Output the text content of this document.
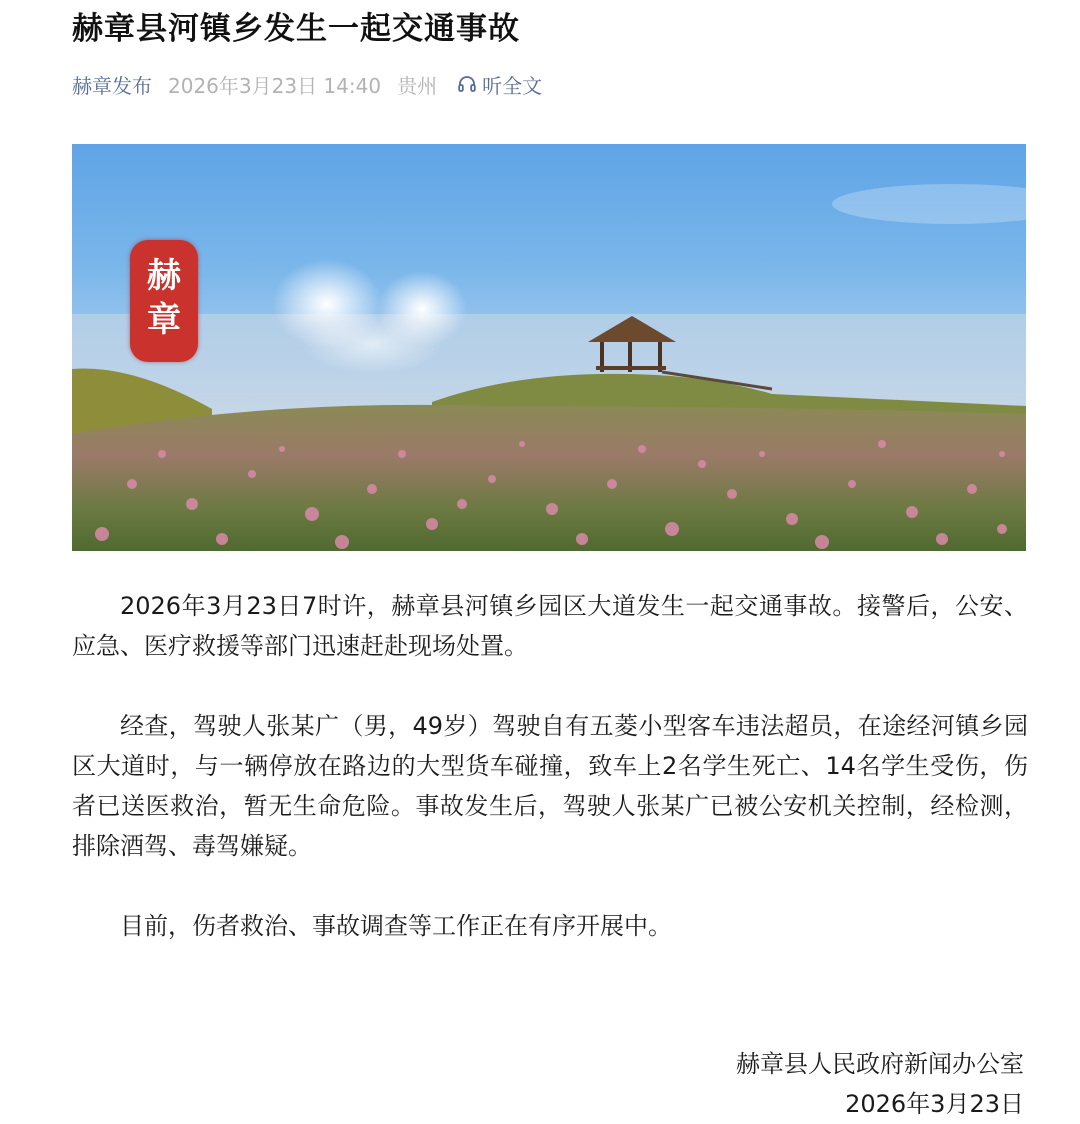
赫章县河镇乡发生一起交通事故
赫章发布 2026年3月23日 14:40 贵州 听全文
赫
章

2026年3月23日7时许，赫章县河镇乡园区大道发生一起交通事故。接警后，公安、应急、医疗救援等部门迅速赶赴现场处置。

经查，驾驶人张某广（男，49岁）驾驶自有五菱小型客车违法超员，在途经河镇乡园区大道时，与一辆停放在路边的大型货车碰撞，致车上2名学生死亡、14名学生受伤，伤者已送医救治，暂无生命危险。事故发生后，驾驶人张某广已被公安机关控制，经检测，排除酒驾、毒驾嫌疑。

目前，伤者救治、事故调查等工作正在有序开展中。

赫章县人民政府新闻办公室
2026年3月23日
